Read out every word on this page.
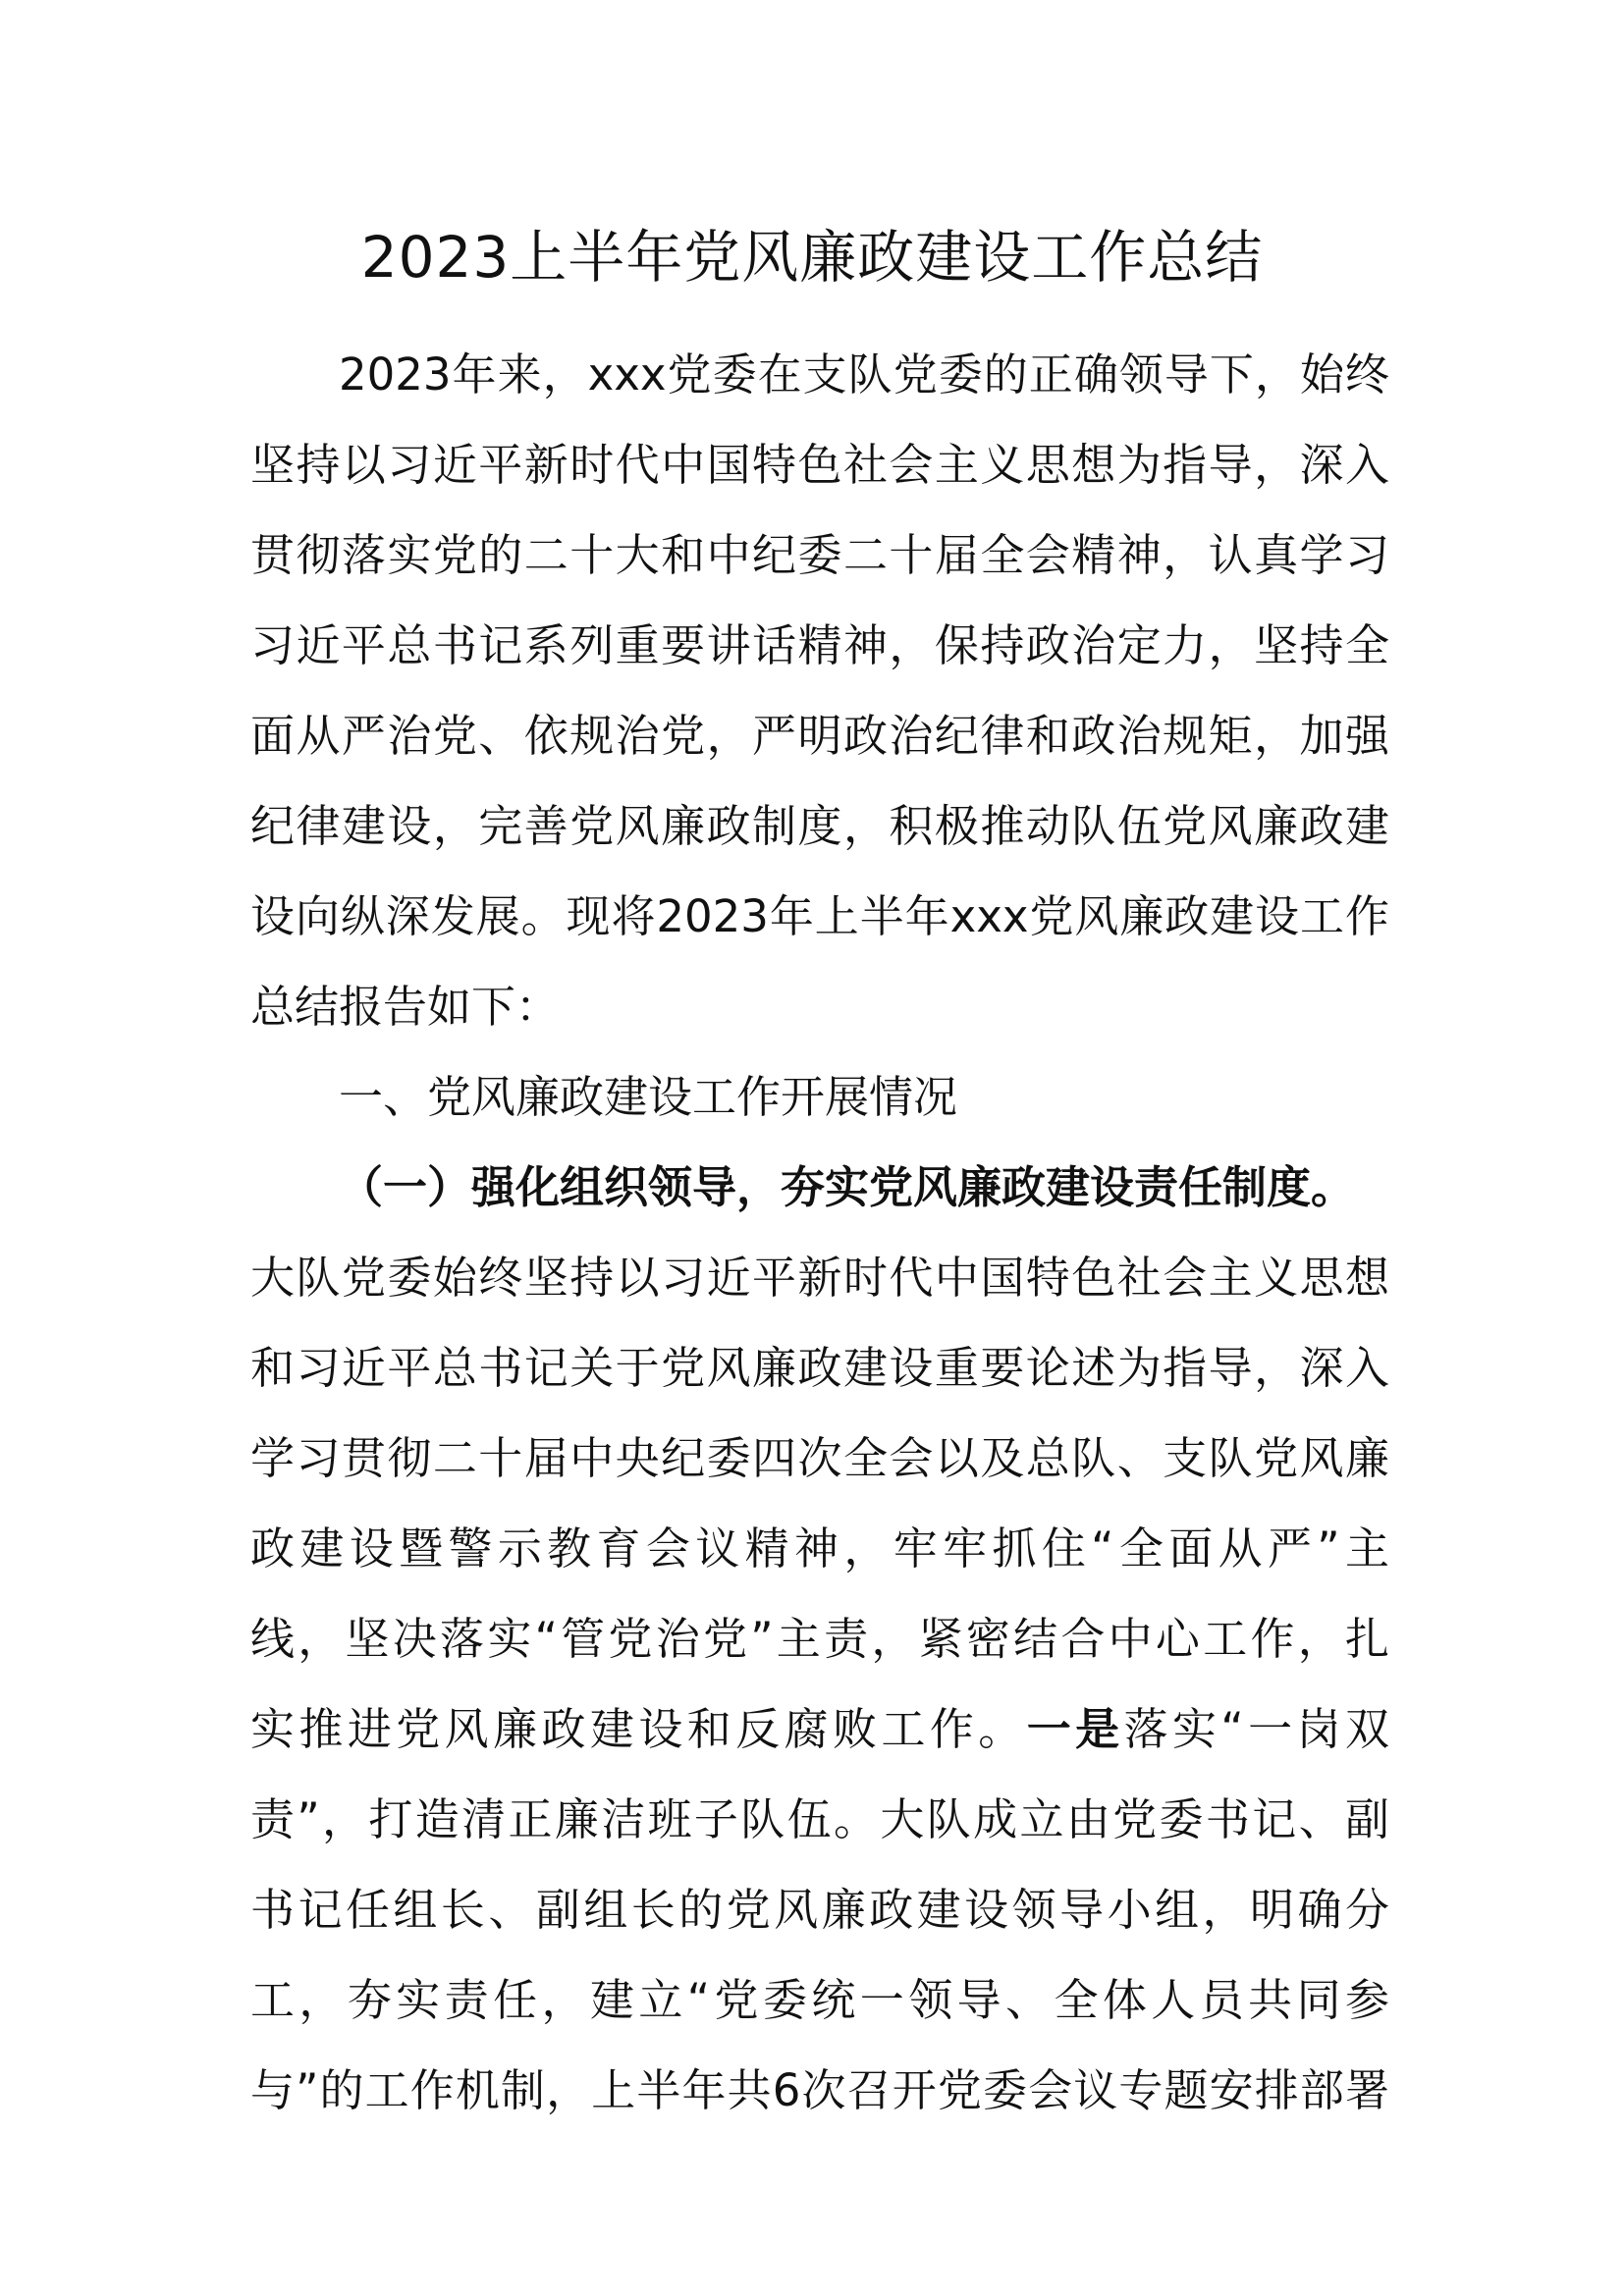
2023上半年党风廉政建设工作总结
2023年来，xxx党委在支队党委的正确领导下，始终
坚持以习近平新时代中国特色社会主义思想为指导，深入
贯彻落实党的二十大和中纪委二十届全会精神，认真学习
习近平总书记系列重要讲话精神，保持政治定力，坚持全
面从严治党、依规治党，严明政治纪律和政治规矩，加强
纪律建设，完善党风廉政制度，积极推动队伍党风廉政建
设向纵深发展。现将2023年上半年xxx党风廉政建设工作
总结报告如下：
一、党风廉政建设工作开展情况
（一）强化组织领导，夯实党风廉政建设责任制度。
大队党委始终坚持以习近平新时代中国特色社会主义思想
和习近平总书记关于党风廉政建设重要论述为指导，深入
学习贯彻二十届中央纪委四次全会以及总队、支队党风廉
政建设暨警示教育会议精神，牢牢抓住“全面从严”主
线，坚决落实“管党治党”主责，紧密结合中心工作，扎
实推进党风廉政建设和反腐败工作。一是落实“一岗双
责”，打造清正廉洁班子队伍。大队成立由党委书记、副
书记任组长、副组长的党风廉政建设领导小组，明确分
工，夯实责任，建立“党委统一领导、全体人员共同参
与”的工作机制，上半年共6次召开党委会议专题安排部署
